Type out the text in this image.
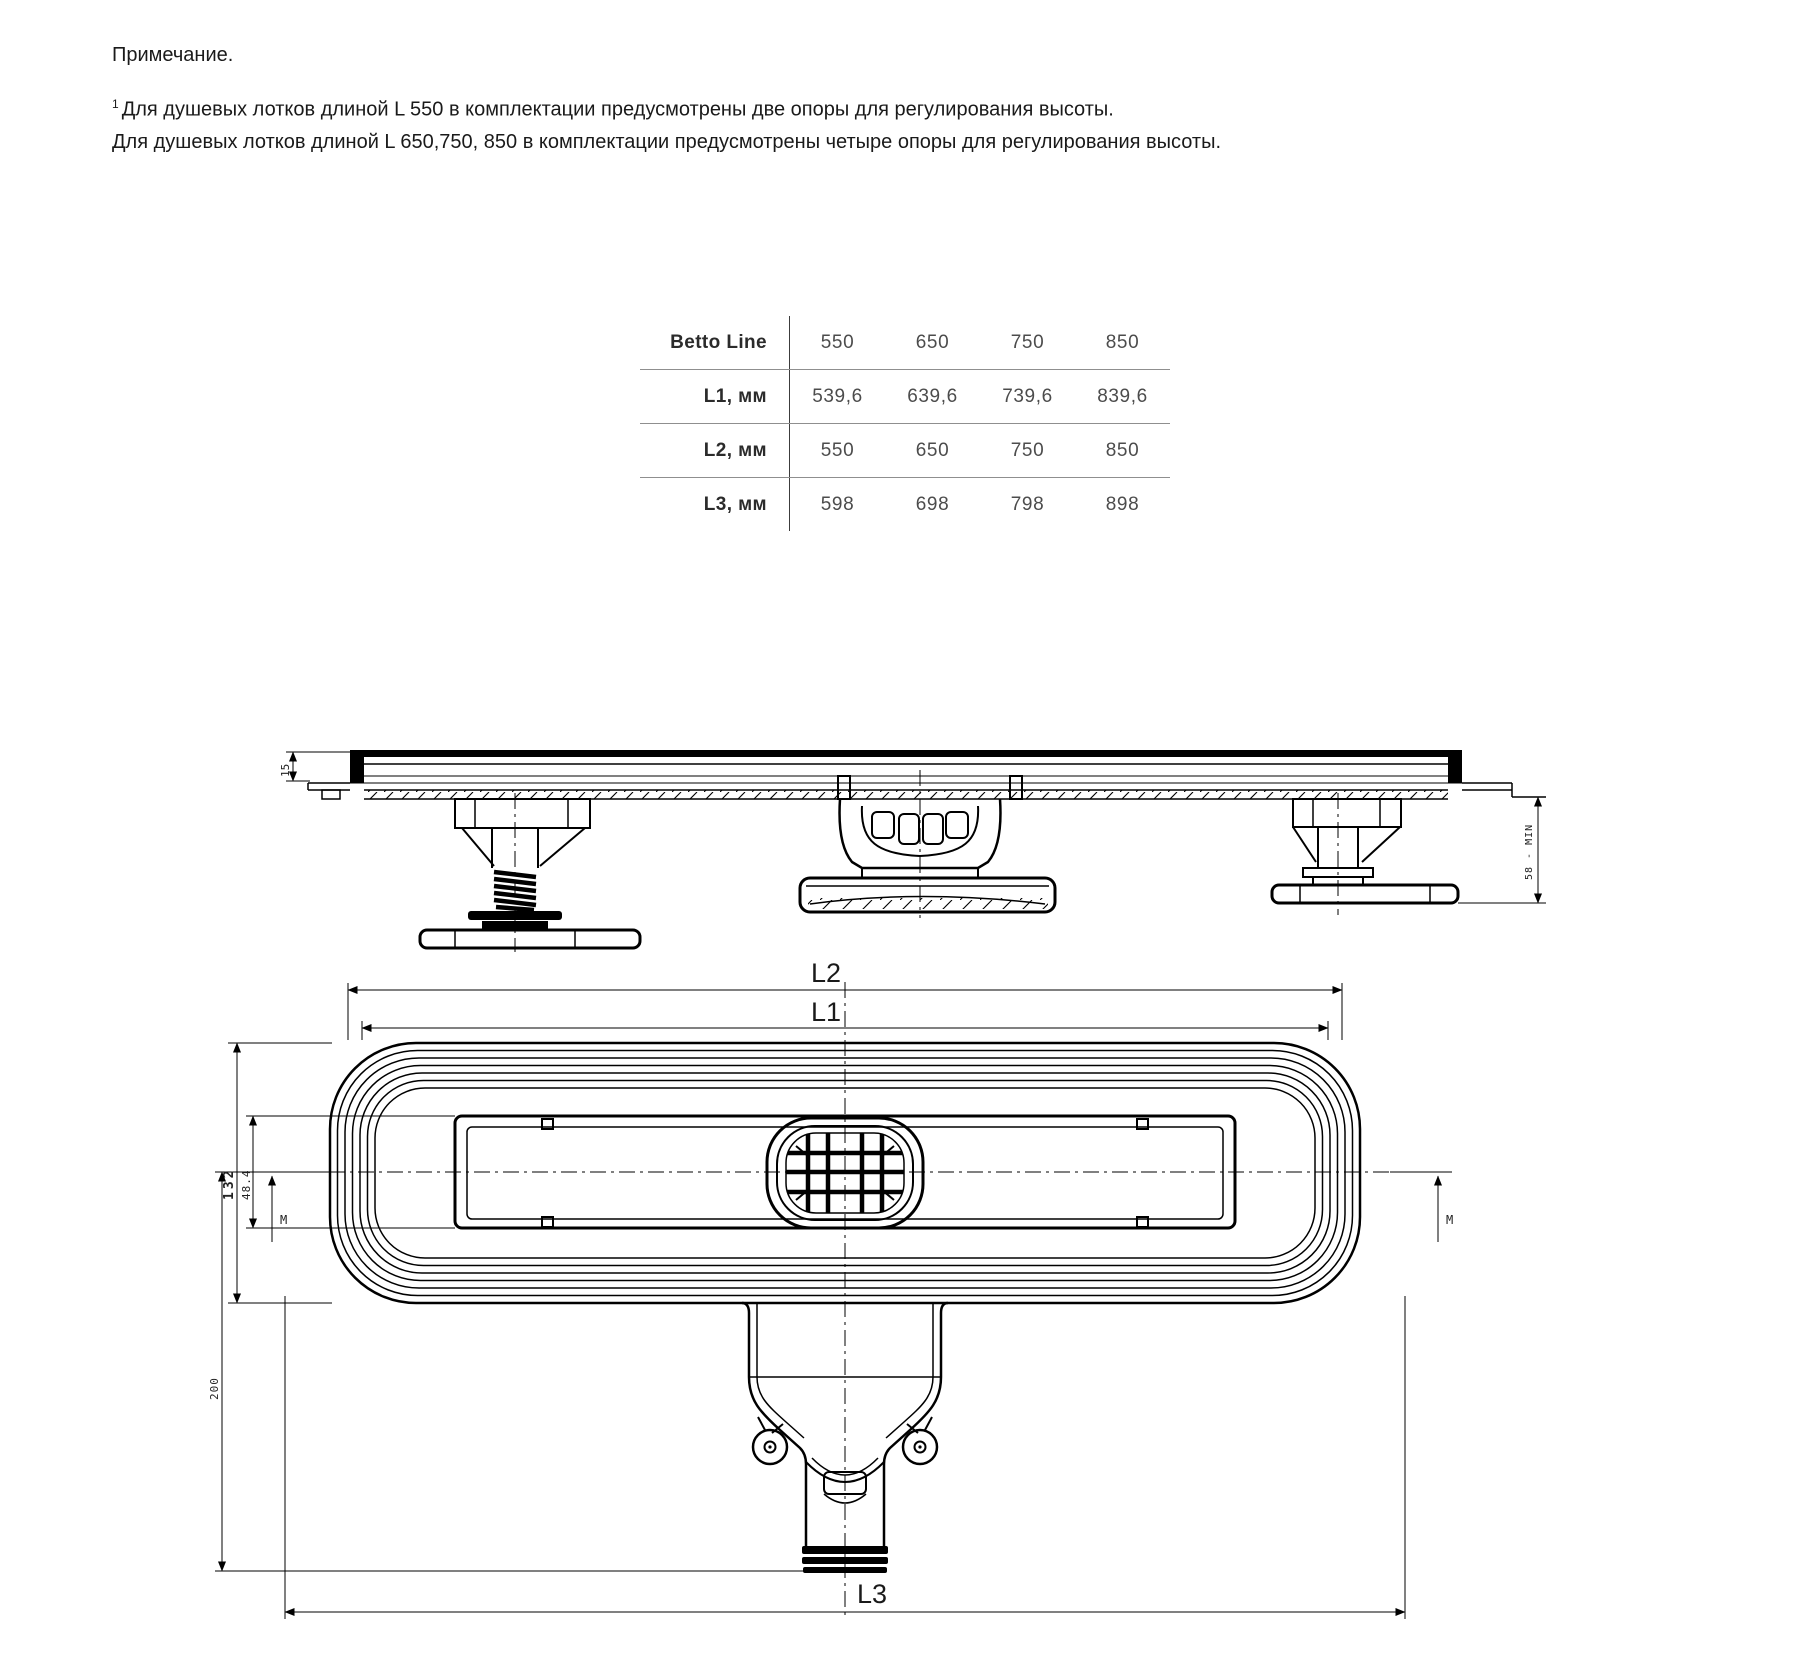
Примечание.
$^1$ Для душевых лотков длиной L 550 в комплектации предусмотрены две опоры для регулирования высоты.
Для душевых лотков длиной L 650,750, 850 в комплектации предусмотрены четыре опоры для регулирования высоты.
Betto Line	550	650	750	850
L1, мм	539,6	639,6	739,6	839,6
L2, мм	550	650	750	850
L3, мм	598	698	798	898
15
58 - MIN
L2
L1
132 48.4
M	M
200
L3
